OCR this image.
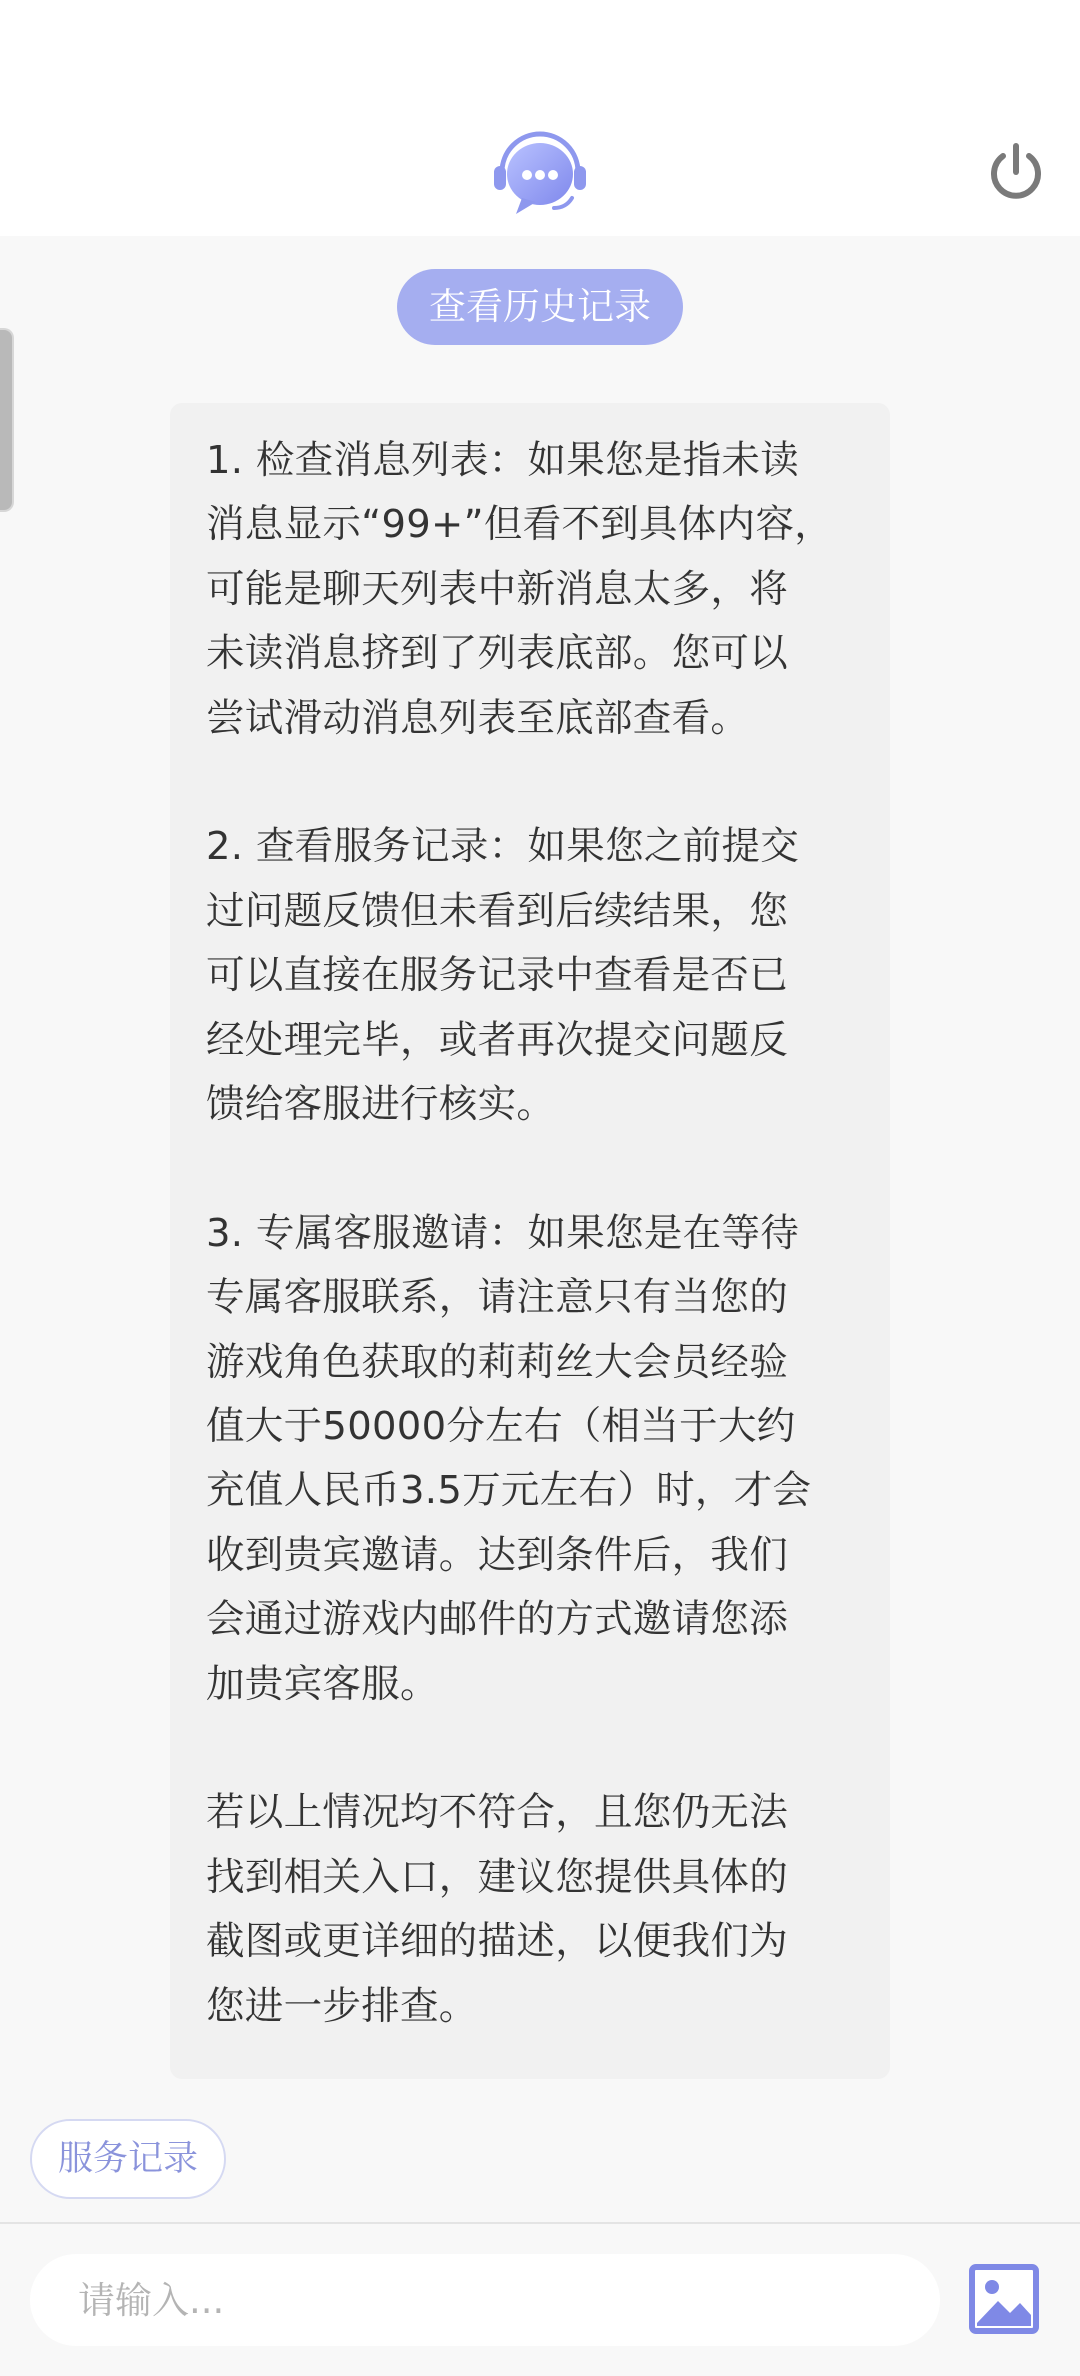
查看历史记录

1. 检查消息列表：如果您是指未读
消息显示“99+”但看不到具体内容，
可能是聊天列表中新消息太多，将
未读消息挤到了列表底部。您可以
尝试滑动消息列表至底部查看。

2. 查看服务记录：如果您之前提交
过问题反馈但未看到后续结果，您
可以直接在服务记录中查看是否已
经处理完毕，或者再次提交问题反
馈给客服进行核实。

3. 专属客服邀请：如果您是在等待
专属客服联系，请注意只有当您的
游戏角色获取的莉莉丝大会员经验
值大于50000分左右（相当于大约
充值人民币3.5万元左右）时，才会
收到贵宾邀请。达到条件后，我们
会通过游戏内邮件的方式邀请您添
加贵宾客服。

若以上情况均不符合，且您仍无法
找到相关入口，建议您提供具体的
截图或更详细的描述，以便我们为
您进一步排查。

服务记录
请输入...
